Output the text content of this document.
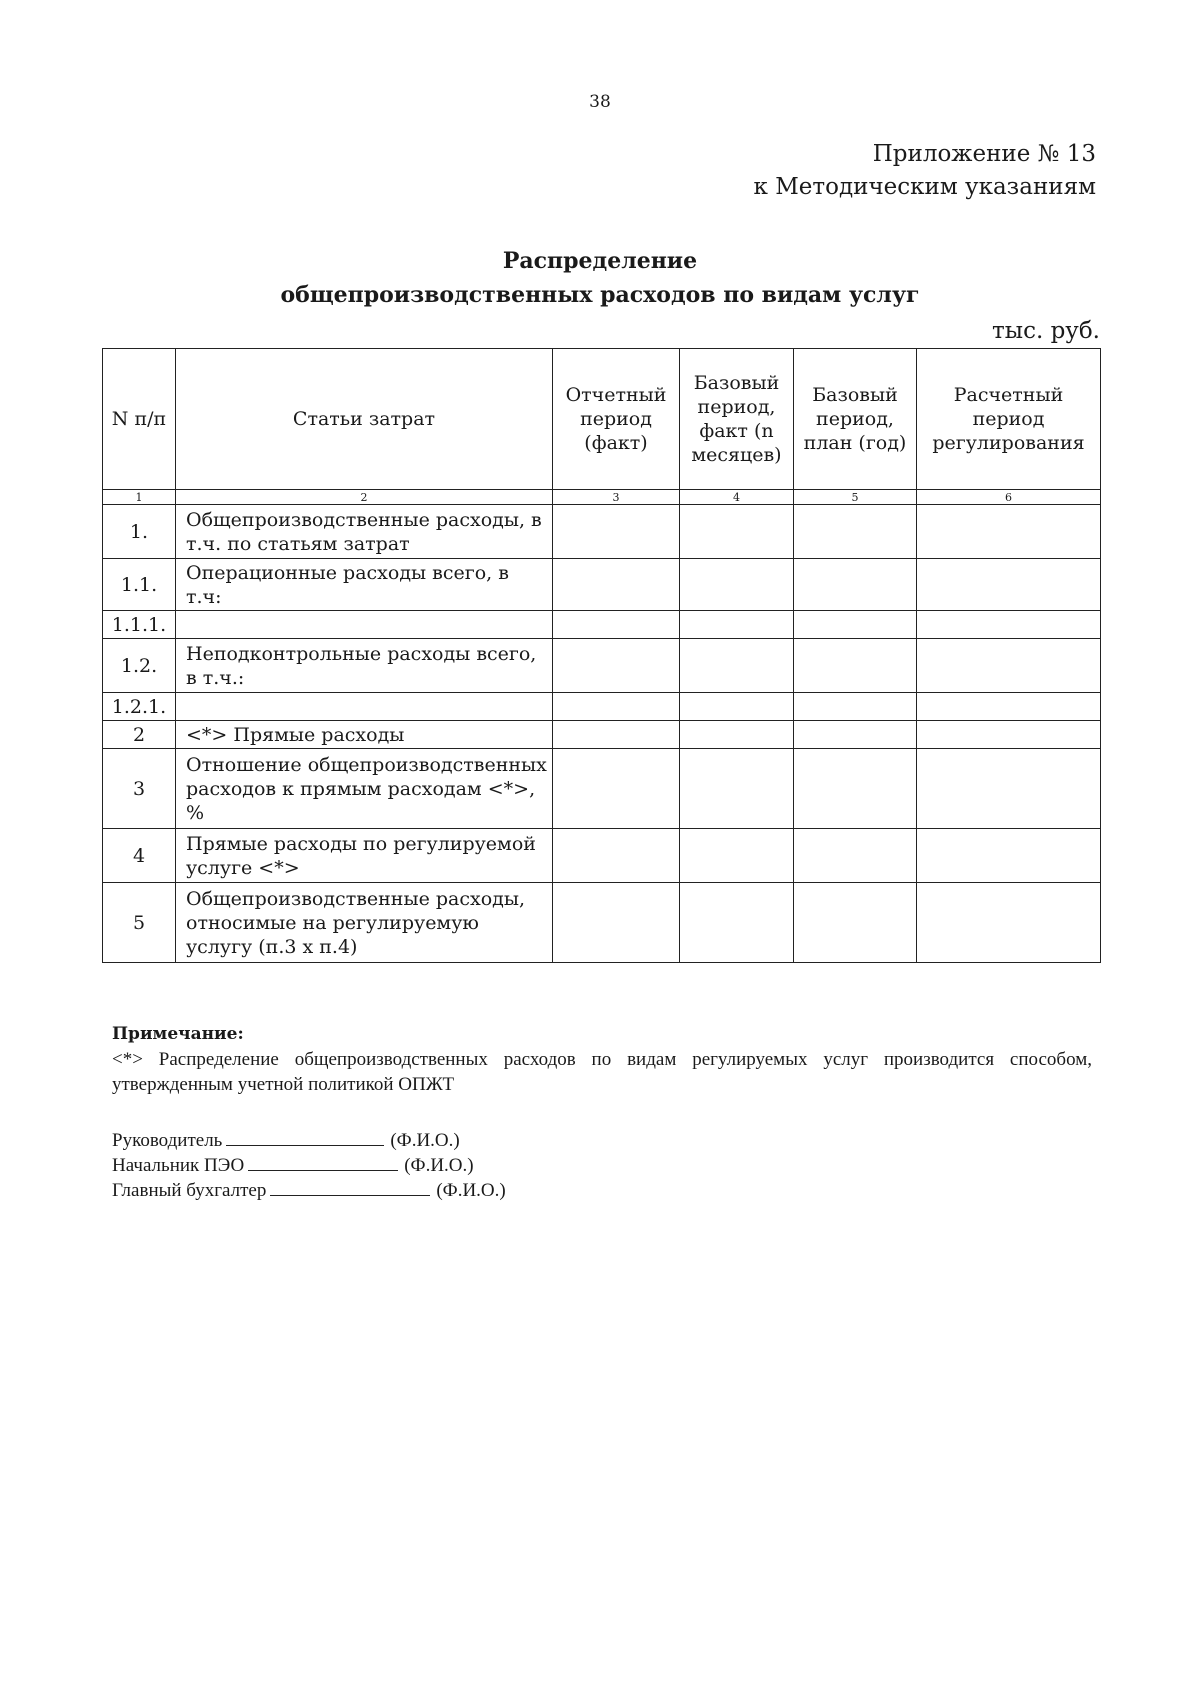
38
Приложение № 13
к Методическим указаниям
Распределение
общепроизводственных расходов по видам услуг
тыс. руб.
N п/п	Статьи затрат	Отчетный период (факт)	Базовый период, факт (n месяцев)	Базовый период, план (год)	Расчетный период регулирования
1	2	3	4	5	6
1.	Общепроизводственные расходы, в т.ч. по статьям затрат				
1.1.	Операционные расходы всего, в т.ч:				
1.1.1.					
1.2.	Неподконтрольные расходы всего, в т.ч.:				
1.2.1.					
2	<*> Прямые расходы				
3	Отношение общепроизводственных расходов к прямым расходам <*>, %				
4	Прямые расходы по регулируемой услуге <*>				
5	Общепроизводственные расходы, относимые на регулируемую услугу (п.3 х п.4)				
Примечание:
<*> Распределение общепроизводственных расходов по видам регулируемых услуг производится способом, утвержденным учетной политикой ОПЖТ
Руководитель	(Ф.И.О.)
Начальник ПЭО	(Ф.И.О.)
Главный бухгалтер	(Ф.И.О.)
